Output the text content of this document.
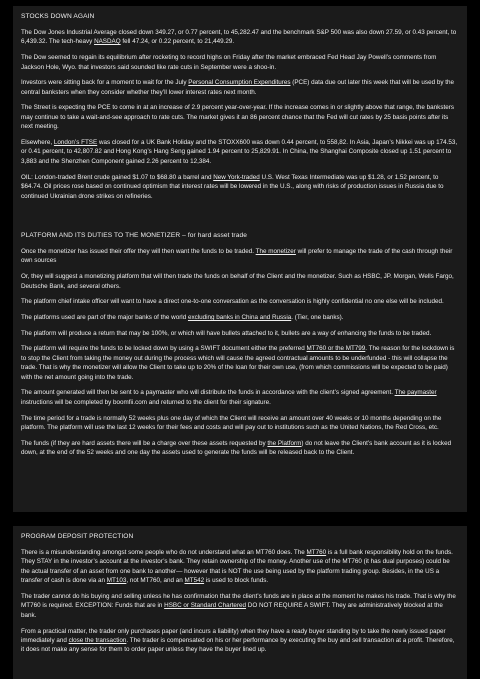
STOCKS DOWN AGAIN

The Dow Jones Industrial Average closed down 349.27, or 0.77 percent, to 45,282.47 and the benchmark S&P 500 was also down 27.59, or 0.43 percent, to 6,439.32. The tech-heavy NASDAQ fell 47.24, or 0.22 percent, to 21,449.29.

The Dow seemed to regain its equilibrium after rocketing to record highs on Friday after the market embraced Fed Head Jay Powell’s comments from Jackson Hole, Wyo. that investors said sounded like rate cuts in September were a shoo-in.

Investors were sitting back for a moment to wait for the July Personal Consumption Expenditures (PCE) data due out later this week that will be used by the central banksters when they consider whether they’ll lower interest rates next month.

The Street is expecting the PCE to come in at an increase of 2.9 percent year-over-year. If the increase comes in or slightly above that range, the banksters may continue to take a wait-and-see approach to rate cuts. The market gives it an 86 percent chance that the Fed will cut rates by 25 basis points after its next meeting.

Elsewhere, London’s FTSE was closed for a UK Bank Holiday and the STOXX600 was down 0.44 percent, to 558,82. In Asia, Japan’s Nikkei was up 174.53, or 0.41 percent, to 42,807.82 and Hong Kong’s Hang Seng gained 1.94 percent to 25,829.91. In China, the Shanghai Composite closed up 1.51 percent to 3,883 and the Shenzhen Component gained 2.26 percent to 12,384.

OIL: London-traded Brent crude gained $1.07 to $68.80 a barrel and New York-traded U.S. West Texas Intermediate was up $1.28, or 1.52 percent, to $64.74. Oil prices rose based on continued optimism that interest rates will be lowered in the U.S., along with risks of production issues in Russia due to continued Ukrainian drone strikes on refineries.

PLATFORM AND ITS DUTIES TO THE MONETIZER – for hard asset trade

Once the monetizer has issued their offer they will then want the funds to be traded. The monetizer will prefer to manage the trade of the cash through their own sources

Or, they will suggest a monetizing platform that will then trade the funds on behalf of the Client and the monetizer. Such as HSBC, JP. Morgan, Wells Fargo, Deutsche Bank, and several others.

The platform chief intake officer will want to have a direct one-to-one conversation as the conversation is highly confidential no one else will be included.

The platforms used are part of the major banks of the world excluding banks in China and Russia. (Tier, one banks).

The platform will produce a return that may be 100%, or which will have bullets attached to it, bullets are a way of enhancing the funds to be traded.

The platform will require the funds to be locked down by using a SWIFT document either the preferred MT760 or the MT799. The reason for the lockdown is to stop the Client from taking the money out during the process which will cause the agreed contractual amounts to be underfunded - this will collapse the trade. That is why the monetizer will allow the Client to take up to 20% of the loan for their own use, (from which commissions will be expected to be paid) with the net amount going into the trade.

The amount generated will then be sent to a paymaster who will distribute the funds in accordance with the client’s signed agreement. The paymaster instructions will be completed by boomfii.com and returned to the client for their signature.

The time period for a trade is normally 52 weeks plus one day of which the Client will receive an amount over 40 weeks or 10 months depending on the platform. The platform will use the last 12 weeks for their fees and costs and will pay out to institutions such as the United Nations, the Red Cross, etc.

The funds (if they are hard assets there will be a charge over these assets requested by the Platform) do not leave the Client’s bank account as it is locked down, at the end of the 52 weeks and one day the assets used to generate the funds will be released back to the Client.

PROGRAM DEPOSIT PROTECTION

There is a misunderstanding amongst some people who do not understand what an MT760 does. The MT760 is a full bank responsibility hold on the funds. They STAY in the investor’s account at the investor’s bank. They retain ownership of the money. Another use of the MT760 (it has dual purposes) could be the actual transfer of an asset from one bank to another— however that is NOT the use being used by the platform trading group. Besides, in the US a transfer of cash is done via an MT103, not MT760, and an MT542 is used to block funds.

The trader cannot do his buying and selling unless he has confirmation that the client’s funds are in place at the moment he makes his trade. That is why the MT760 is required. EXCEPTION: Funds that are in HSBC or Standard Chartered DO NOT REQUIRE A SWIFT. They are administratively blocked at the bank.

From a practical matter, the trader only purchases paper (and incurs a liability) when they have a ready buyer standing by to take the newly issued paper immediately and close the transaction. The trader is compensated on his or her performance by executing the buy and sell transaction at a profit. Therefore, it does not make any sense for them to order paper unless they have the buyer lined up.
